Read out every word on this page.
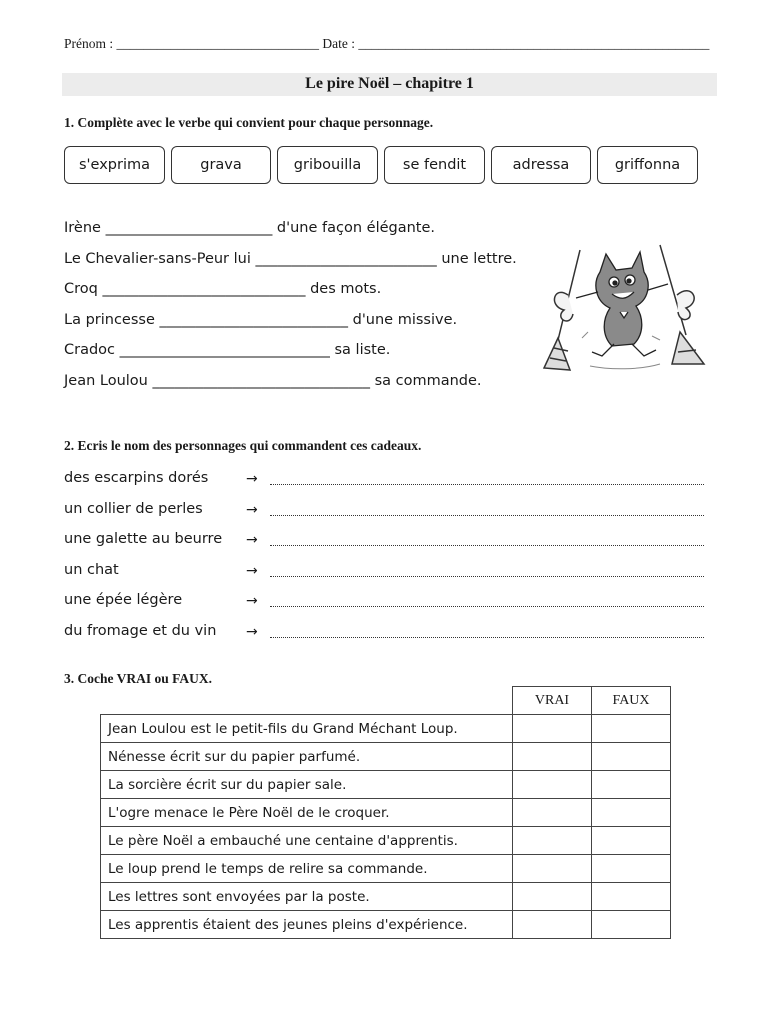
Prénom : ______________________________ Date : ____________________________________________________
Le pire Noël – chapitre 1
1. Complète avec le verbe qui convient pour chaque personnage.
s'exprima	grava	gribouilla	se fendit	adressa	griffonna
Irène _______________________ d'une façon élégante.
Le Chevalier-sans-Peur lui _________________________ une lettre.
Croq ____________________________ des mots.
La princesse __________________________ d'une missive.
Cradoc _____________________________ sa liste.
Jean Loulou ______________________________ sa commande.
2. Ecris le nom des personnages qui commandent ces cadeaux.
des escarpins dorés	→
un collier de perles	→
une galette au beurre →
un chat	→
une épée légère	→
du fromage et du vin →
3. Coche VRAI ou FAUX.
	VRAI	FAUX
Jean Loulou est le petit-fils du Grand Méchant Loup.		
Nénesse écrit sur du papier parfumé.		
La sorcière écrit sur du papier sale.		
L'ogre menace le Père Noël de le croquer.		
Le père Noël a embauché une centaine d'apprentis.		
Le loup prend le temps de relire sa commande.		
Les lettres sont envoyées par la poste.		
Les apprentis étaient des jeunes pleins d'expérience.		
